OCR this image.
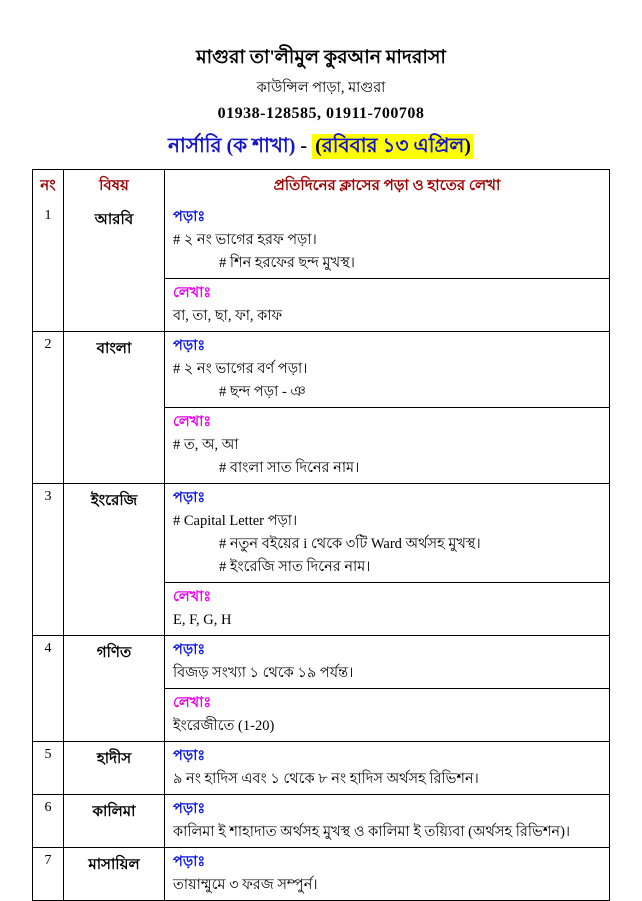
মাগুরা তা'লীমুল কুরআন মাদরাসা
কাউন্সিল পাড়া, মাগুরা
01938-128585, 01911-700708
নার্সারি (ক শাখা) - (রবিবার ১৩ এপ্রিল)
নং	বিষয়	প্রতিদিনের ক্লাসের পড়া ও হাতের লেখা
1	আরবি	পড়াঃ
# ২ নং ভাগের হরফ পড়া।
# শিন হরফের ছন্দ মুখস্থ।
লেখাঃ
বা, তা, ছা, ফা, কাফ
2	বাংলা	পড়াঃ
# ২ নং ভাগের বর্ণ পড়া।
# ছন্দ পড়া - ঞ
লেখাঃ
# ত, অ, আ
# বাংলা সাত দিনের নাম।
3	ইংরেজি	পড়াঃ
# Capital Letter পড়া।
# নতুন বইয়ের i থেকে ৩টি Ward অর্থসহ মুখস্থ।
# ইংরেজি সাত দিনের নাম।
লেখাঃ
E, F, G, H
4	গণিত	পড়াঃ
বিজড় সংখ্যা ১ থেকে ১৯ পর্যন্ত।
লেখাঃ
ইংরেজীতে (1-20)
5	হাদীস	পড়াঃ
৯ নং হাদিস এবং ১ থেকে ৮ নং হাদিস অর্থসহ রিভিশন।
6	কালিমা	পড়াঃ
কালিমা ই শাহাদাত অর্থসহ মুখস্থ ও কালিমা ই তয়্যিবা (অর্থসহ রিভিশন)।
7	মাসায়িল	পড়াঃ
তায়াম্মুমে ৩ ফরজ সম্পুর্ন।
